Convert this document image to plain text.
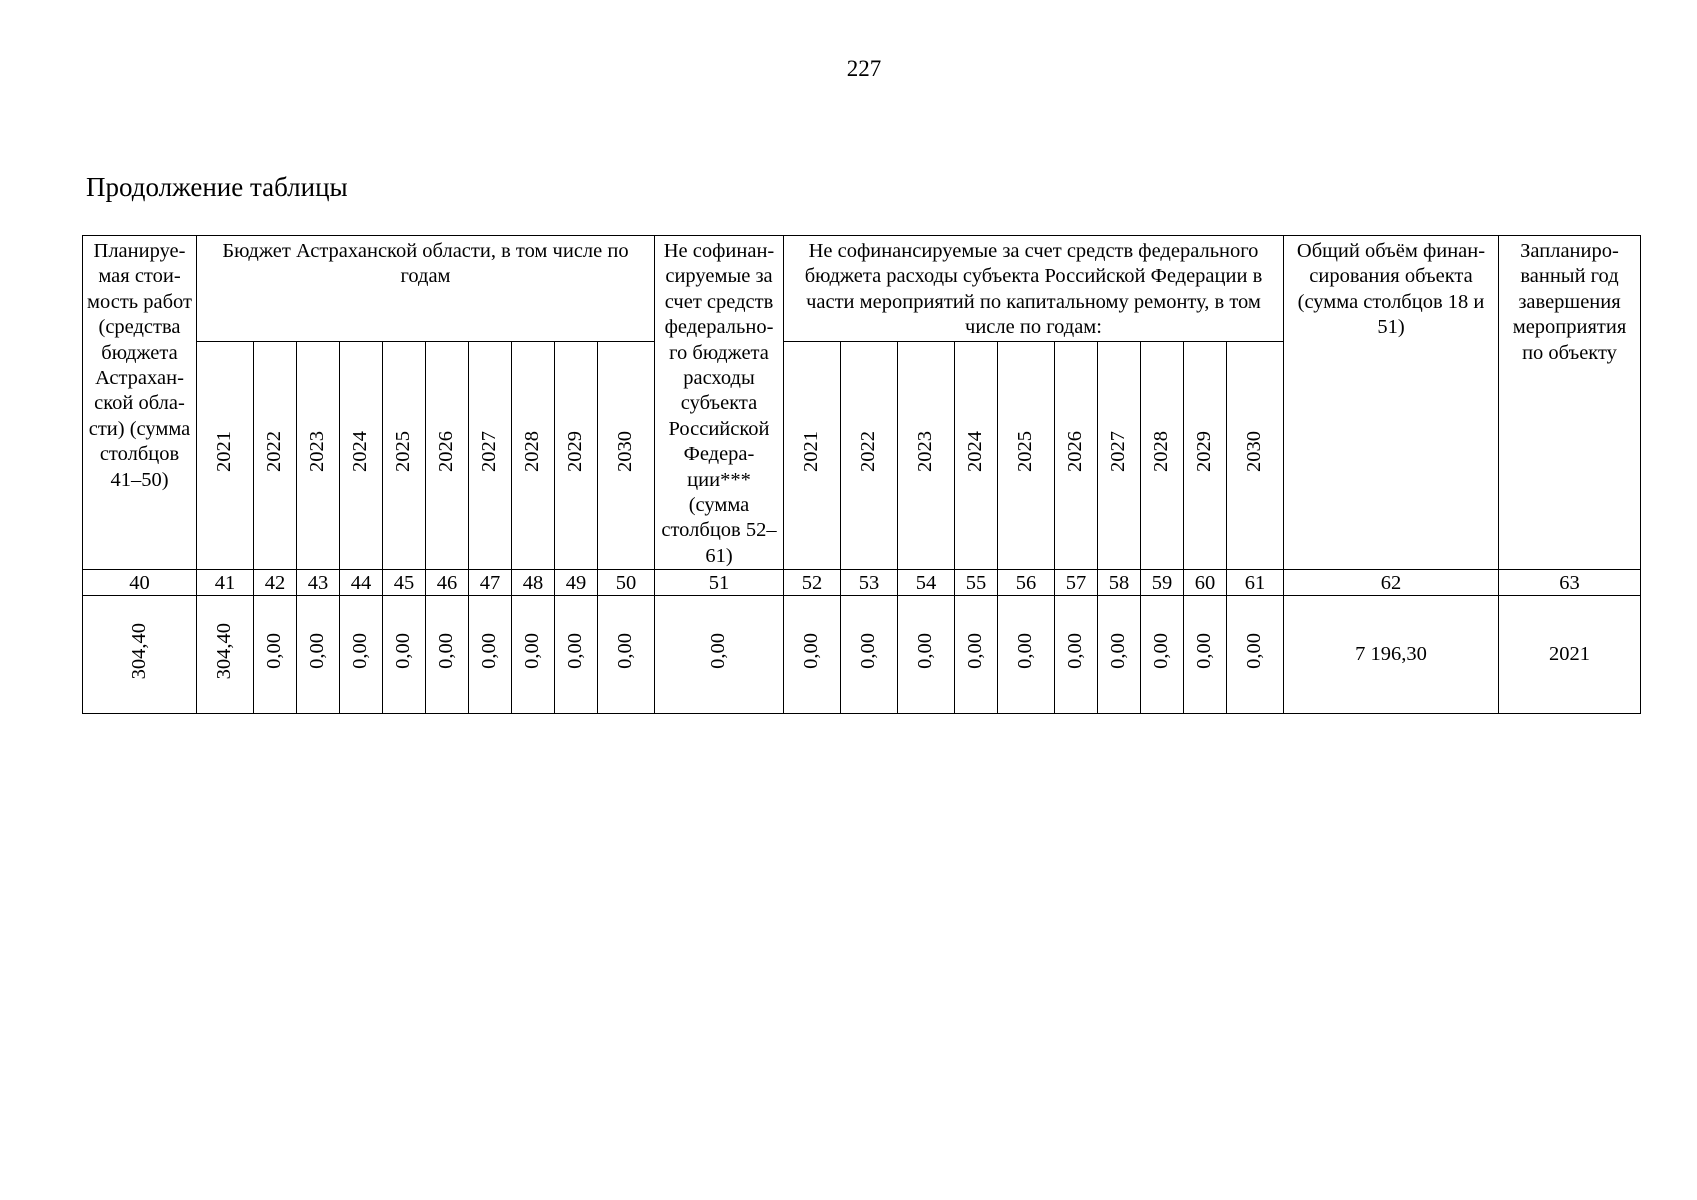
227
Продолжение таблицы
Планируе-мая стои-мость работ (средства бюджета Астрахан-ской обла-сти) (сумма столбцов 41–50)	Бюджет Астраханской области, в том числе по годам										Не софинан-сируемые за счет средств федерально-го бюджета расходы субъекта Российской Федера-ции*** (сумма столбцов 52–61)	Не софинансируемые за счет средств федерального бюджета расходы субъекта Российской Федерации в части мероприятий по капитальному ремонту, в том числе по годам:										Общий объём финан-сирования объекта (сумма столбцов 18 и 51)	Запланиро-ванный год завершения мероприятия по объекту

	2021	2022	2023	2024	2025	2026	2027	2028	2029	2030		2021	2022	2023	2024	2025	2026	2027	2028	2029	2030		
40	41	42	43	44	45	46	47	48	49	50	51	52	53	54	55	56	57	58	59	60	61	62	63
304,40	304,40	0,00	0,00	0,00	0,00	0,00	0,00	0,00	0,00	0,00	0,00	0,00	0,00	0,00	0,00	0,00	0,00	0,00	0,00	0,00	0,00	7 196,30	2021
